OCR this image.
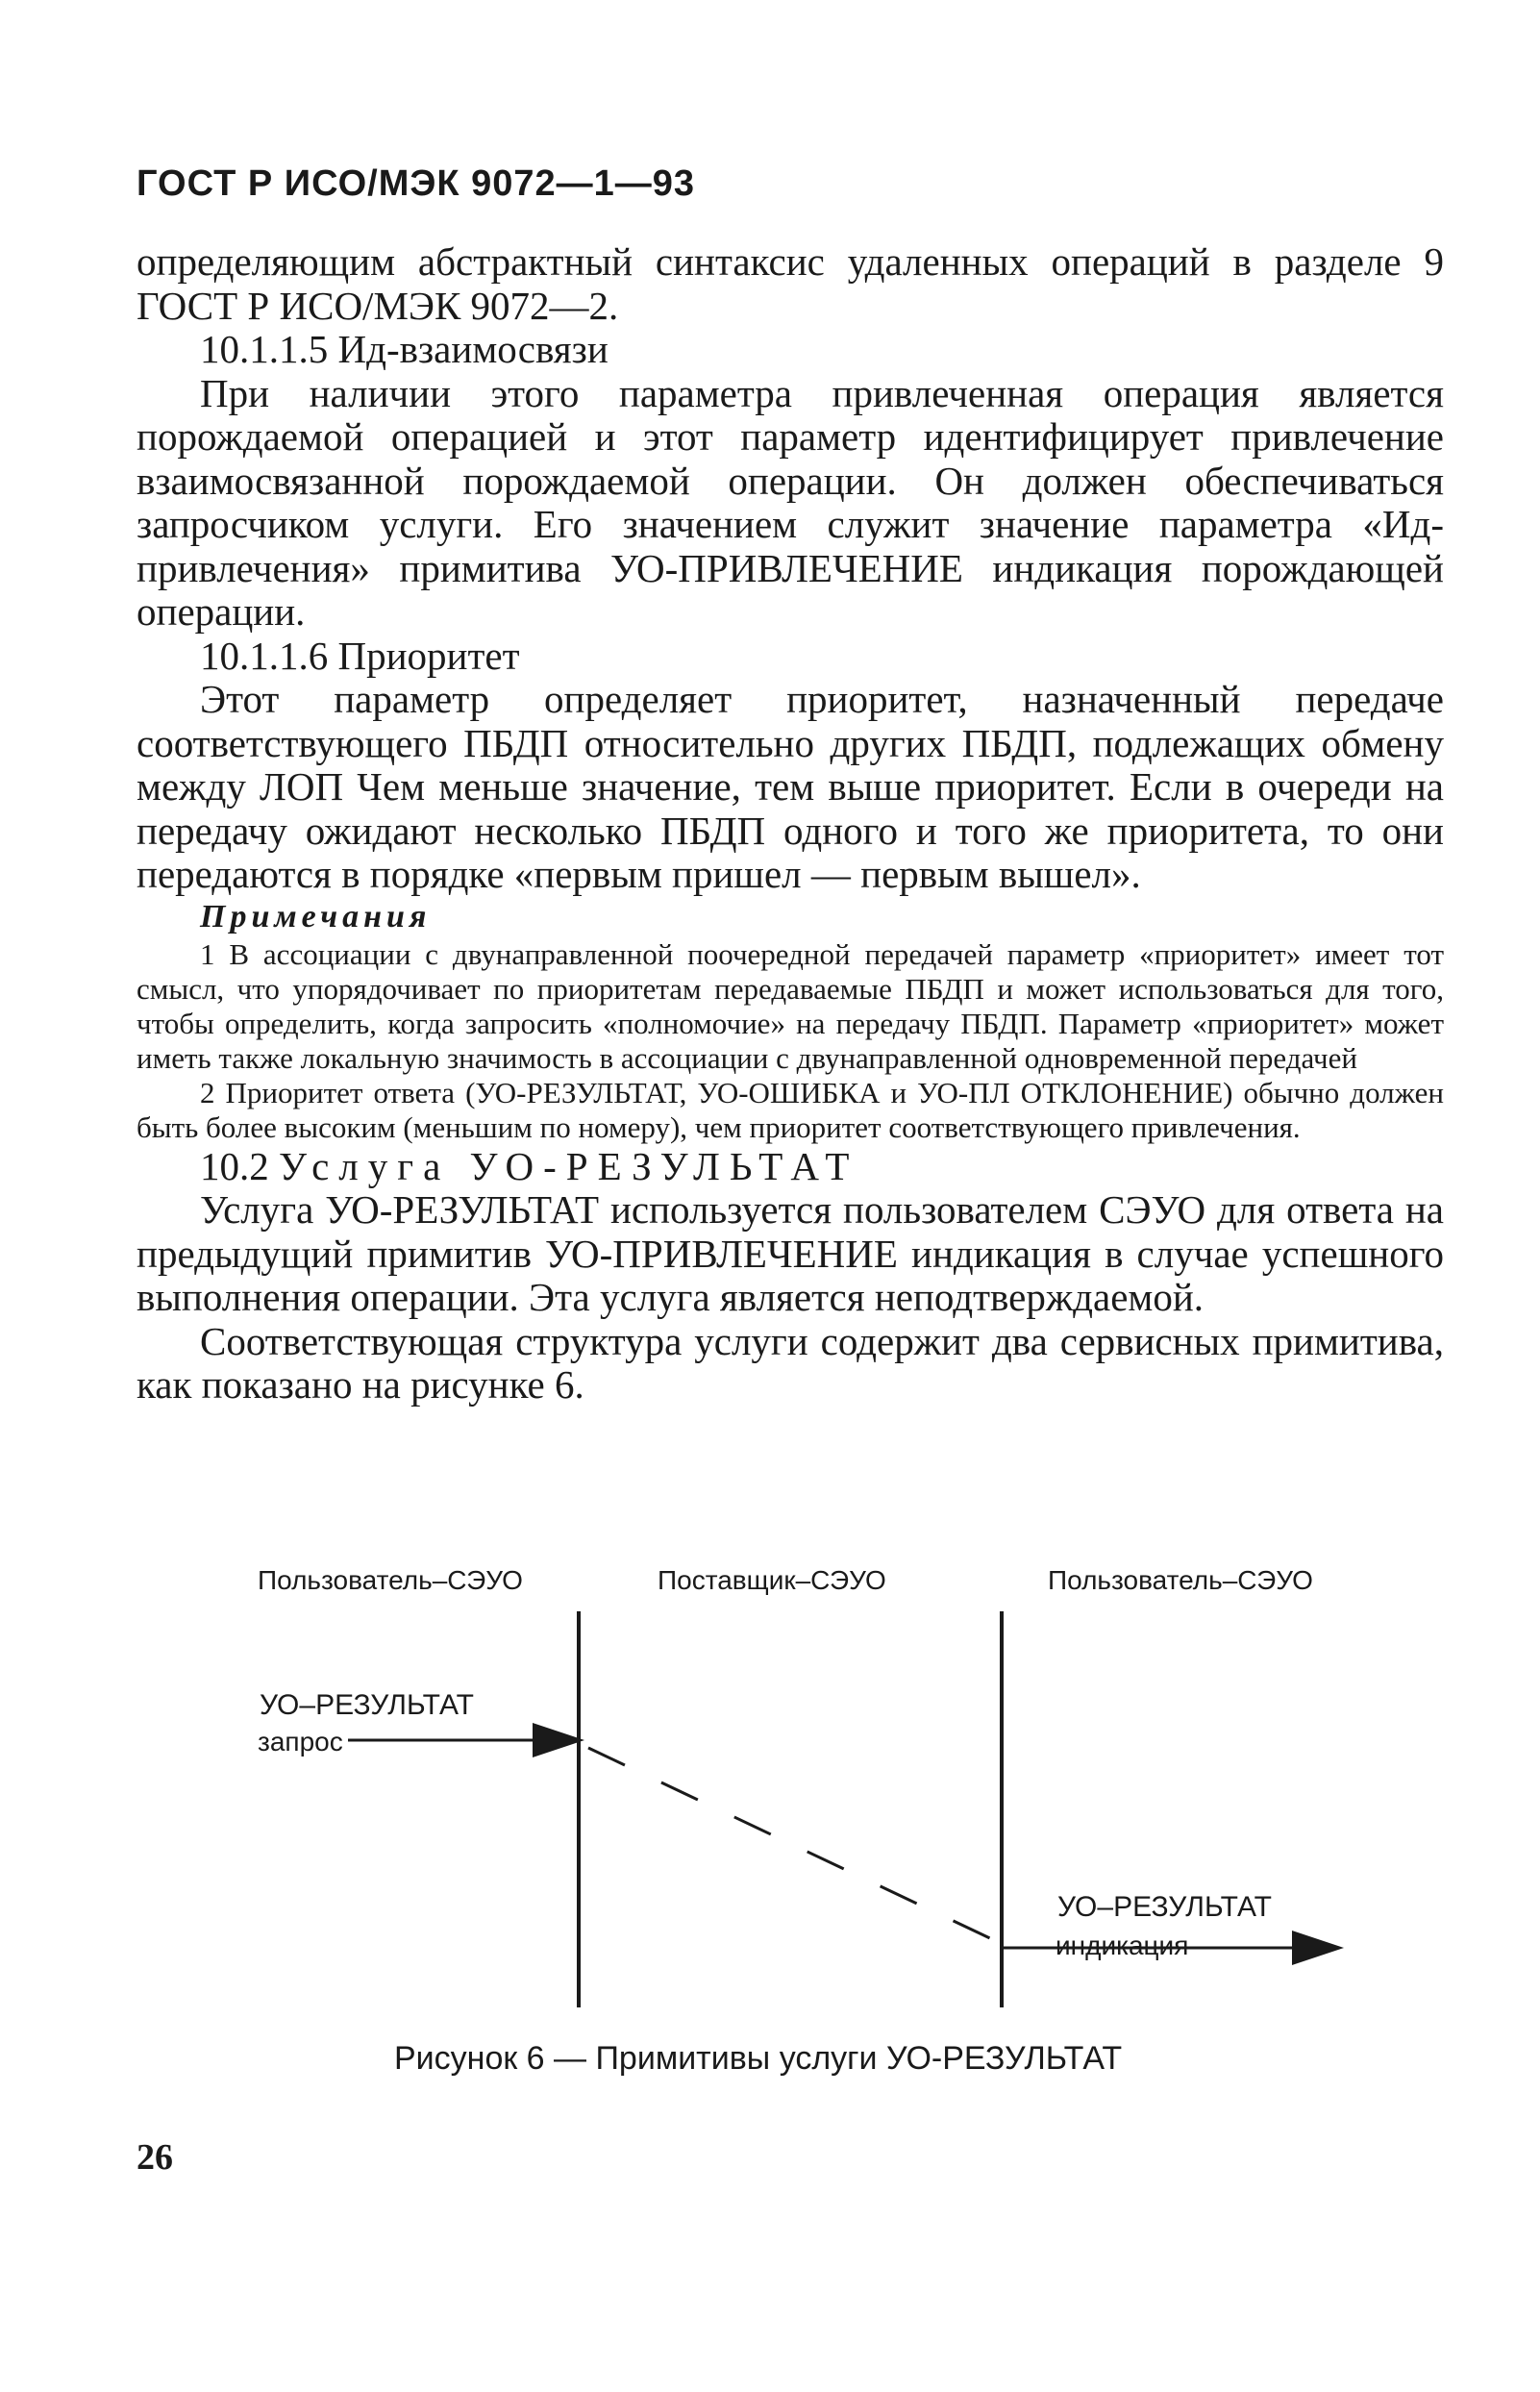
ГОСТ Р ИСО/МЭК 9072—1—93

определяющим абстрактный синтаксис удаленных операций в разделе 9 ГОСТ Р ИСО/МЭК 9072—2.

10.1.1.5 Ид-взаимосвязи

При наличии этого параметра привлеченная операция является порождаемой операцией и этот параметр идентифицирует привлечение взаимосвязанной порождаемой операции. Он должен обеспечиваться запросчиком услуги. Его значением служит значение параметра «Ид-привлечения» примитива УО-ПРИВЛЕЧЕНИЕ индикация порождающей операции.

10.1.1.6 Приоритет

Этот параметр определяет приоритет, назначенный передаче соответствующего ПБДП относительно других ПБДП, подлежащих обмену между ЛОП Чем меньше значение, тем выше приоритет. Если в очереди на передачу ожидают несколько ПБДП одного и того же приоритета, то они передаются в порядке «первым пришел — первым вышел».

Примечания

1 В ассоциации с двунаправленной поочередной передачей параметр «приоритет» имеет тот смысл, что упорядочивает по приоритетам передаваемые ПБДП и может использоваться для того, чтобы определить, когда запросить «полномочие» на передачу ПБДП. Параметр «приоритет» может иметь также локальную значимость в ассоциации с двунаправленной одновременной передачей

2 Приоритет ответа (УО-РЕЗУЛЬТАТ, УО-ОШИБКА и УО-ПЛ ОТКЛОНЕНИЕ) обычно должен быть более высоким (меньшим по номеру), чем приоритет соответствующего привлечения.

10.2 Услуга УО-РЕЗУЛЬТАТ

Услуга УО-РЕЗУЛЬТАТ используется пользователем СЭУО для ответа на предыдущий примитив УО-ПРИВЛЕЧЕНИЕ индикация в случае успешного выполнения операции. Эта услуга является неподтверждаемой.

Соответствующая структура услуги содержит два сервисных примитива, как показано на рисунке 6.

Пользователь–СЭУО	Поставщик–СЭУО	Пользователь–СЭУО
УО–РЕЗУЛЬТАТ
запрос
УО–РЕЗУЛЬТАТ
индикация
Рисунок 6 — Примитивы услуги УО-РЕЗУЛЬТАТ
26
